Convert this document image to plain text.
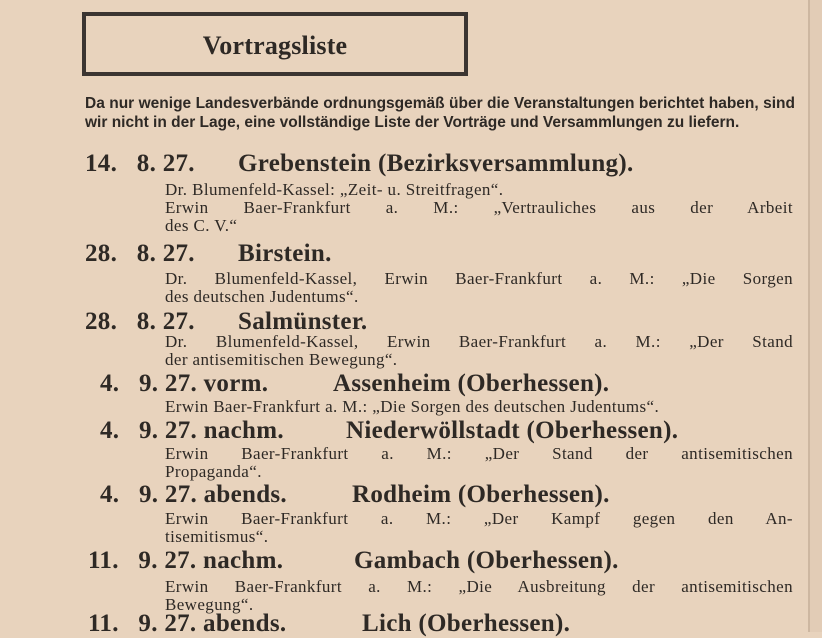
Vortragsliste
Da nur wenige Landesverbände ordnungsgemäß über die Veranstaltungen berichtet haben, sind wir nicht in der Lage, eine vollständige Liste der Vorträge und Versammlungen zu liefern.
14.   8. 27. Grebenstein (Bezirksversammlung).
Dr. Blumenfeld-Kassel: „Zeit- u. Streitfragen“.
Erwin Baer-Frankfurt a. M.: „Vertrauliches aus der Arbeit
des C. V.“
28.   8. 27. Birstein.
Dr. Blumenfeld-Kassel, Erwin Baer-Frankfurt a. M.: „Die Sorgen
des deutschen Judentums“.
28.   8. 27. Salmünster.
Dr. Blumenfeld-Kassel, Erwin Baer-Frankfurt a. M.: „Der Stand
der antisemitischen Bewegung“.
4.   9. 27. vorm.	Assenheim (Oberhessen).
Erwin Baer-Frankfurt a. M.: „Die Sorgen des deutschen Judentums“.
4.   9. 27. nachm. Niederwöllstadt (Oberhessen).
Erwin Baer-Frankfurt a. M.: „Der Stand der antisemitischen
Propaganda“.
4.   9. 27. abends.	Rodheim (Oberhessen).
Erwin Baer-Frankfurt a. M.: „Der Kampf gegen den An-
tisemitismus“.
11.   9. 27. nachm.	Gambach (Oberhessen).
Erwin Baer-Frankfurt a. M.: „Die Ausbreitung der antisemitischen
Bewegung“.
11.   9. 27. abends.	Lich (Oberhessen).
